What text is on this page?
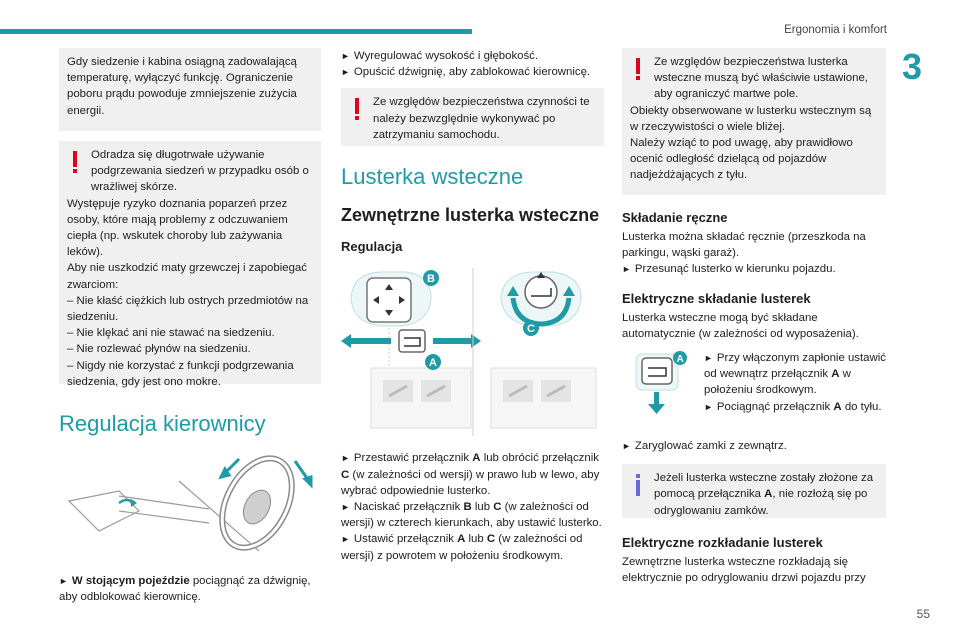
Ergonomia i komfort
3
55

Gdy siedzenie i kabina osiągną zadowalającą temperaturę, wyłączyć funkcję. Ograniczenie poboru prądu powoduje zmniejszenie zużycia energii.

Odradza się długotrwałe używanie podgrzewania siedzeń w przypadku osób o wrażliwej skórze.

Występuje ryzyko doznania poparzeń przez osoby, które mają problemy z odczuwaniem ciepła (np. wskutek choroby lub zażywania leków).

Aby nie uszkodzić maty grzewczej i zapobiegać zwarciom:

– Nie kłaść ciężkich lub ostrych przedmiotów na siedzeniu.

– Nie klękać ani nie stawać na siedzeniu.

– Nie rozlewać płynów na siedzeniu.

– Nigdy nie korzystać z funkcji podgrzewania siedzenia, gdy jest ono mokre.

Regulacja kierownicy

► W stojącym pojeździe pociągnąć za dźwignię, aby odblokować kierownicę.

► Wyregulować wysokość i głębokość.

► Opuścić dźwignię, aby zablokować kierownicę.

Ze względów bezpieczeństwa czynności te należy bezwzględnie wykonywać po zatrzymaniu samochodu.

Lusterka wsteczne
Zewnętrzne lusterka wsteczne
Regulacja
B
A
C

► Przestawić przełącznik A lub obrócić przełącznik C (w zależności od wersji) w prawo lub w lewo, aby wybrać odpowiednie lusterko.

► Naciskać przełącznik B lub C (w zależności od wersji) w czterech kierunkach, aby ustawić lusterko.

► Ustawić przełącznik A lub C (w zależności od wersji) z powrotem w położeniu środkowym.

Ze względów bezpieczeństwa lusterka wsteczne muszą być właściwie ustawione, aby ograniczyć martwe pole.

Obiekty obserwowane w lusterku wstecznym są w rzeczywistości o wiele bliżej.

Należy wziąć to pod uwagę, aby prawidłowo ocenić odległość dzielącą od pojazdów nadjeżdżających z tyłu.

Składanie ręczne

Lusterka można składać ręcznie (przeszkoda na parkingu, wąski garaż).

► Przesunąć lusterko w kierunku pojazdu.

Elektryczne składanie lusterek

Lusterka wsteczne mogą być składane automatycznie (w zależności od wyposażenia).

A ► Przy włączonym zapłonie ustawić od wewnątrz przełącznik A w położeniu środkowym.

► Pociągnąć przełącznik A do tyłu.

► Zaryglować zamki z zewnątrz.

Jeżeli lusterka wsteczne zostały złożone za pomocą przełącznika A, nie rozłożą się po odryglowaniu zamków.

Elektryczne rozkładanie lusterek

Zewnętrzne lusterka wsteczne rozkładają się elektrycznie po odryglowaniu drzwi pojazdu przy
